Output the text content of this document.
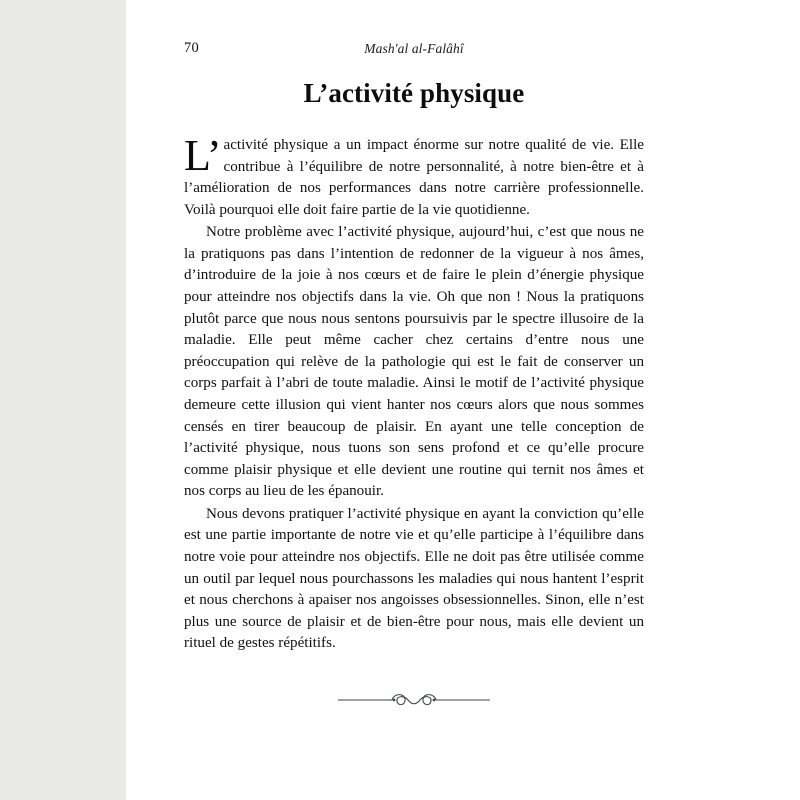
70	Mash'al al-Falâhî
L’activité physique

L’activité physique a un impact énorme sur notre qualité de vie. Elle contribue à l’équilibre de notre personnalité, à notre bien-être et à l’amélioration de nos performances dans notre carrière professionnelle. Voilà pourquoi elle doit faire partie de la vie quotidienne.

Notre problème avec l’activité physique, aujourd’hui, c’est que nous ne la pratiquons pas dans l’intention de redonner de la vigueur à nos âmes, d’introduire de la joie à nos cœurs et de faire le plein d’énergie physique pour atteindre nos objectifs dans la vie. Oh que non ! Nous la pratiquons plutôt parce que nous nous sentons poursuivis par le spectre illusoire de la maladie. Elle peut même cacher chez certains d’entre nous une préoccupation qui relève de la pathologie qui est le fait de conserver un corps parfait à l’abri de toute maladie. Ainsi le motif de l’activité physique demeure cette illusion qui vient hanter nos cœurs alors que nous sommes censés en tirer beaucoup de plaisir. En ayant une telle conception de l’activité physique, nous tuons son sens profond et ce qu’elle procure comme plaisir physique et elle devient une routine qui ternit nos âmes et nos corps au lieu de les épanouir.

Nous devons pratiquer l’activité physique en ayant la conviction qu’elle est une partie importante de notre vie et qu’elle participe à l’équilibre dans notre voie pour atteindre nos objectifs. Elle ne doit pas être utilisée comme un outil par lequel nous pourchassons les maladies qui nous hantent l’esprit et nous cherchons à apaiser nos angoisses obsessionnelles. Sinon, elle n’est plus une source de plaisir et de bien-être pour nous, mais elle devient un rituel de gestes répétitifs.
